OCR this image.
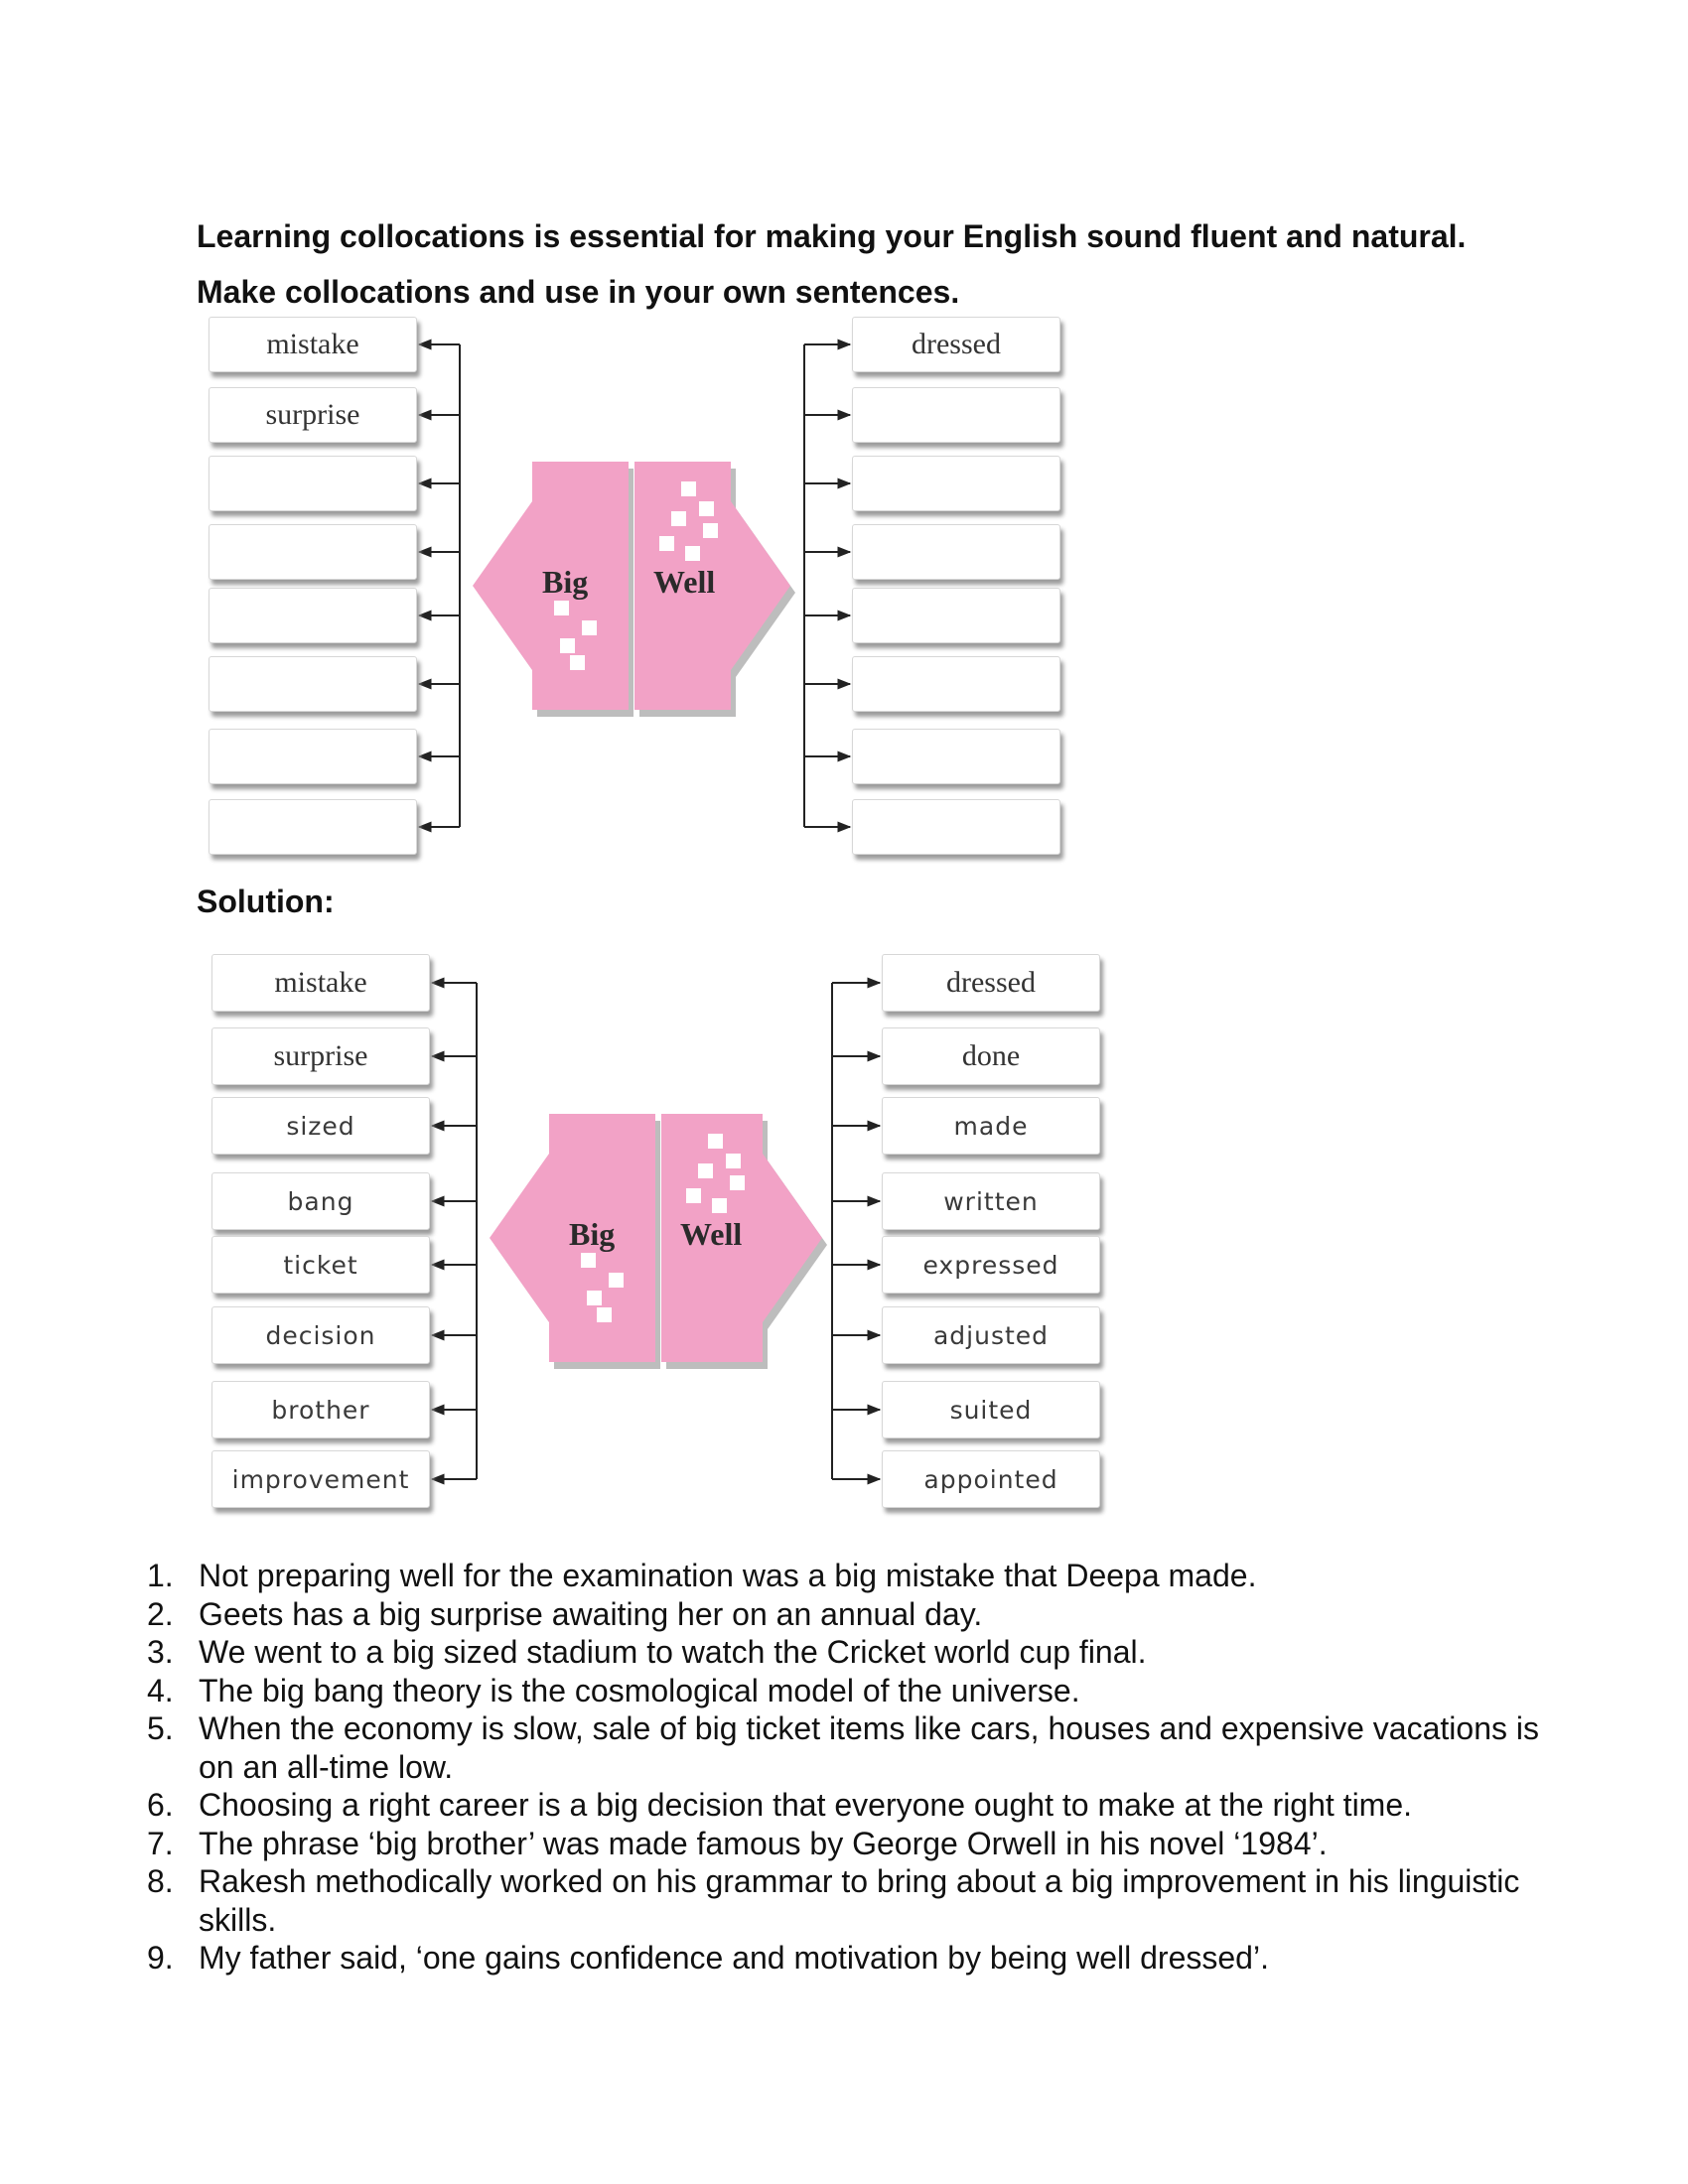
Learning collocations is essential for making your English sound fluent and natural. Make collocations and use in your own sentences.

Big Well
mistake	dressed
surprise

Solution:

Big Well
mistake	dressed
surprise	done
sized	made
bang	written
ticket	expressed
decision	adjusted
brother	suited
improvement	appointed
1. Not preparing well for the examination was a big mistake that Deepa made.
2. Geets has a big surprise awaiting her on an annual day.
3. We went to a big sized stadium to watch the Cricket world cup final.
4. The big bang theory is the cosmological model of the universe.
5. When the economy is slow, sale of big ticket items like cars, houses and expensive vacations is on an all-time low.
6. Choosing a right career is a big decision that everyone ought to make at the right time.
7. The phrase ‘big brother’ was made famous by George Orwell in his novel ‘1984’.
8. Rakesh methodically worked on his grammar to bring about a big improvement in his linguistic skills.
9. My father said, ‘one gains confidence and motivation by being well dressed’.
